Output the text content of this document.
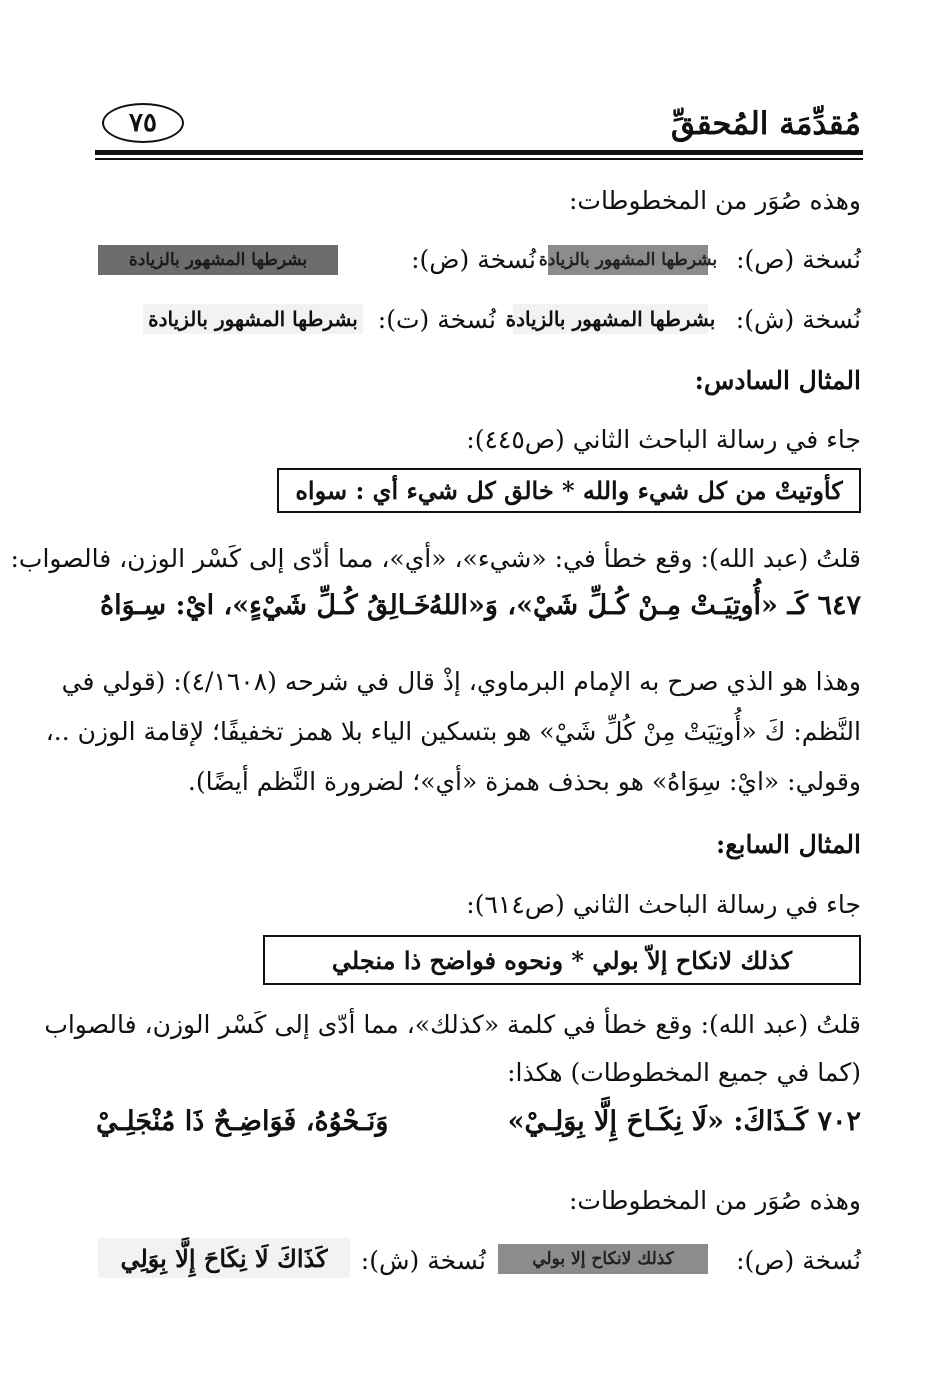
مُقدِّمَة المُحققِّ
٧٥
وهذه صُوَر من المخطوطات:
نُسخة (ص):
بشرطها المشهور بالزيادة
نُسخة (ض):
بشرطها المشهور بالزيادة
نُسخة (ش):
بشرطها المشهور بالزيادة
نُسخة (ت):
بشرطها المشهور بالزيادة
المثال السادس:
جاء في رسالة الباحث الثاني (ص٤٤٥):
كأوتيتْ من كل شيء والله * خالق كل شيء أي : سواه
قلتُ (عبد الله): وقع خطأ في: «شيء»، «أي»، مما أدّى إلى كَسْر الوزن، فالصواب:
٦٤٧ كَـ «أُوتِيَـتْ مِـنْ كُـلِّ شَيْ»، وَ«اللهُ
خَـالِقُ كُـلِّ شَيْءٍ»، ايْ: سِـوَاهُ
وهذا هو الذي صرح به الإمام البرماوي، إذْ قال في شرحه (٤/١٦٠٨): (قولي في
النَّظم: كَ «أُوتِيَتْ مِنْ كُلِّ شَيْ» هو بتسكين الياء بلا همز تخفيفًا؛ لإقامة الوزن ..،
وقولي: «ايْ: سِوَاهُ» هو بحذف همزة «أي»؛ لضرورة النَّظم أيضًا).
المثال السابع:
جاء في رسالة الباحث الثاني (ص٦١٤):
كذلك لانكاح إلاّ بولي * ونحوه فواضح ذا منجلي
قلتُ (عبد الله): وقع خطأ في كلمة «كذلك»، مما أدّى إلى كَسْر الوزن، فالصواب
(كما في جميع المخطوطات) هكذا:
٧٠٢ كَـذَاكَ: «لَا نِكَـاحَ إِلَّا بِوَلِـيْ»
وَنَـحْوُهُ، فَوَاضِـحٌ ذَا مُنْجَلِـيْ
وهذه صُوَر من المخطوطات:
نُسخة (ص):
كذلك لانكاح إلا بولي
نُسخة (ش):
كَذَاكَ لَا نِكَاحَ إِلَّا بِوَلِي
